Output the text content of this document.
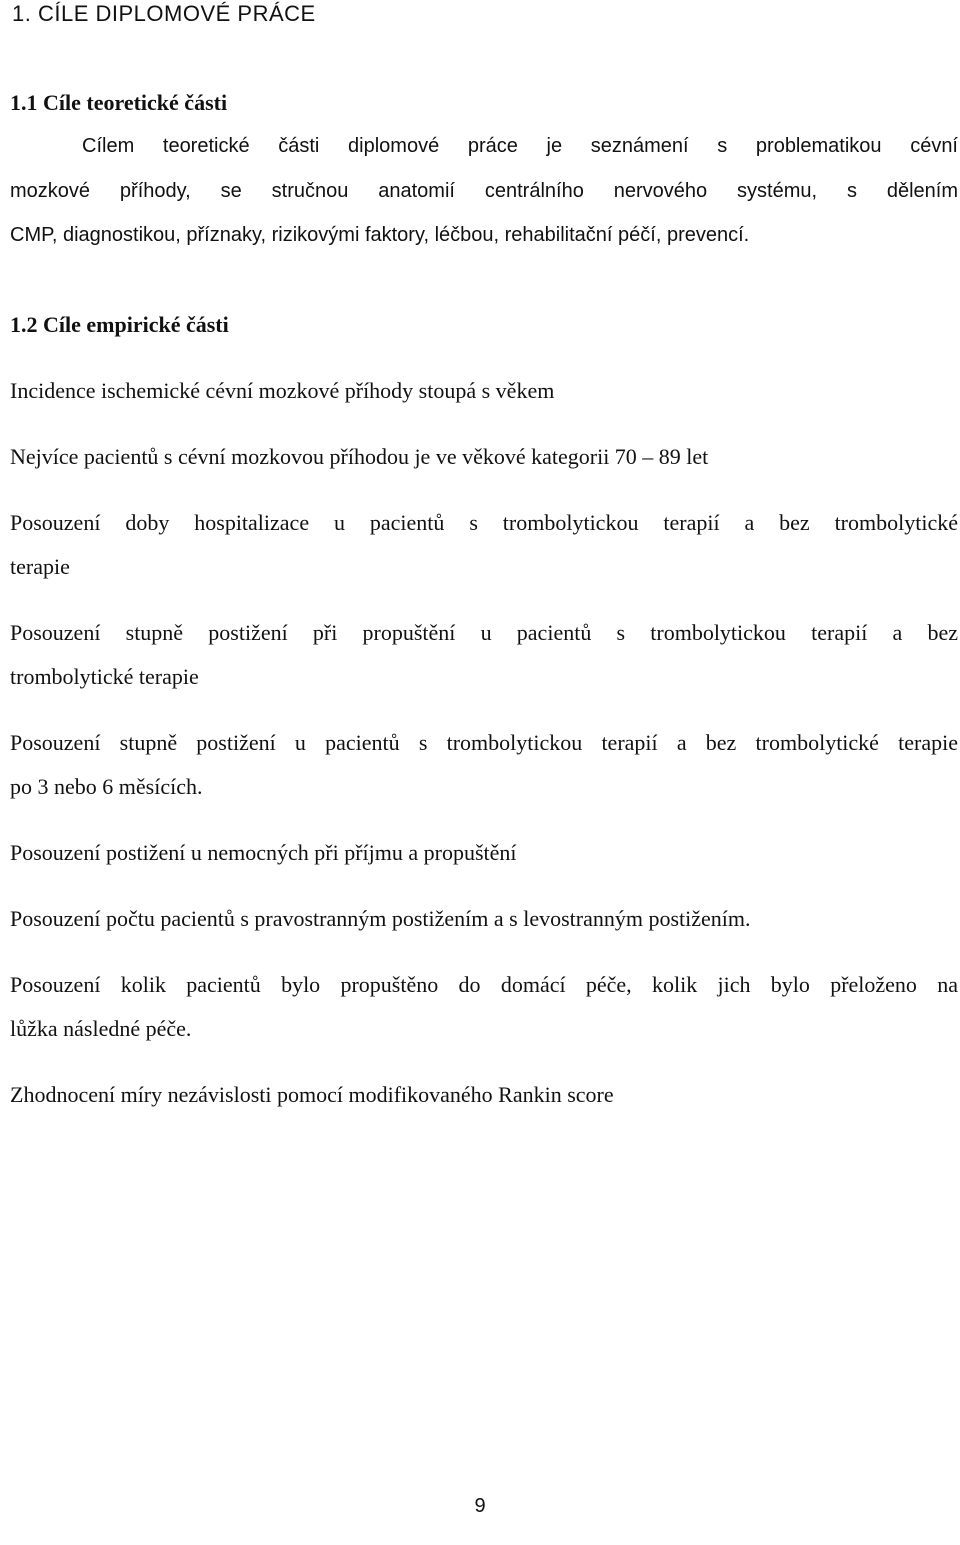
1. CÍLE DIPLOMOVÉ PRÁCE
1.1 Cíle teoretické části

Cílem teoretické části diplomové práce je seznámení s problematikou cévní

mozkové příhody, se stručnou anatomií centrálního nervového systému, s dělením

CMP, diagnostikou, příznaky, rizikovými faktory, léčbou, rehabilitační péčí, prevencí.

1.2 Cíle empirické části

Incidence ischemické cévní mozkové příhody stoupá s věkem

Nejvíce pacientů s cévní mozkovou příhodou je ve věkové kategorii 70 – 89 let

Posouzení doby hospitalizace u pacientů s trombolytickou terapií a bez trombolytické

terapie

Posouzení stupně postižení při propuštění u pacientů s trombolytickou terapií a bez

trombolytické terapie

Posouzení stupně postižení u pacientů s trombolytickou terapií a bez trombolytické terapie

po 3 nebo 6 měsících.

Posouzení postižení u nemocných při příjmu a propuštění

Posouzení počtu pacientů s pravostranným postižením a s levostranným postižením.

Posouzení kolik pacientů bylo propuštěno do domácí péče, kolik jich bylo přeloženo na

lůžka následné péče.

Zhodnocení míry nezávislosti pomocí modifikovaného Rankin score

9
